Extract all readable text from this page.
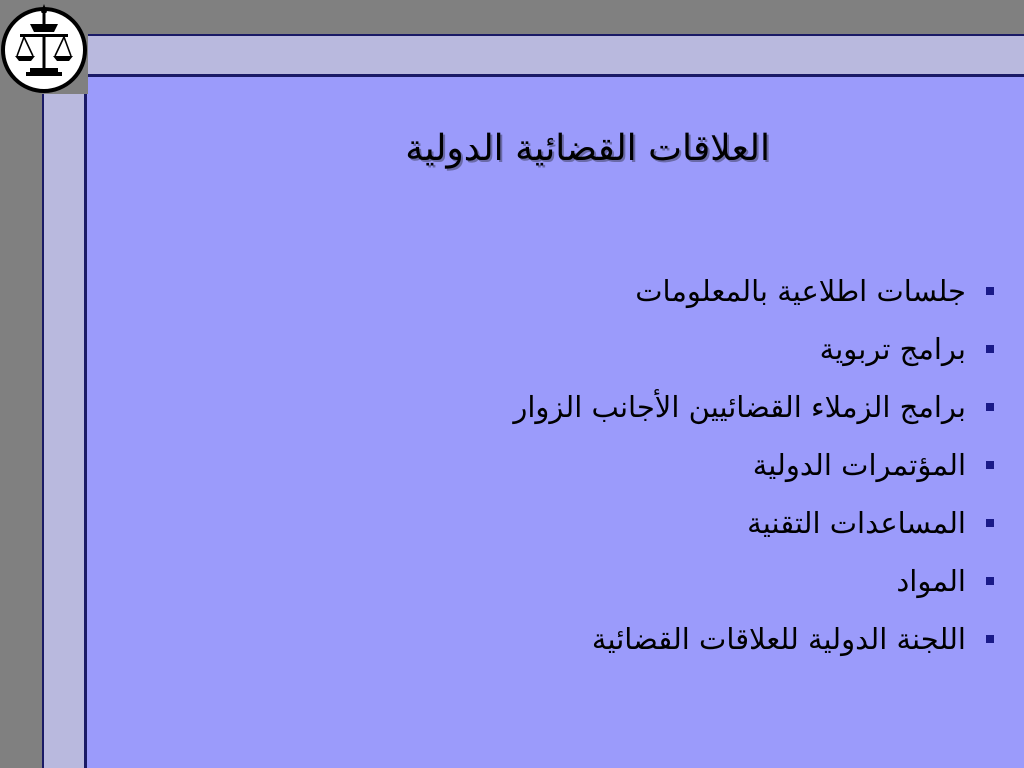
العلاقات القضائية الدولية
جلسات اطلاعية بالمعلومات
برامج تربوية
برامج الزملاء القضائيين الأجانب الزوار
المؤتمرات الدولية
المساعدات التقنية
المواد
اللجنة الدولية للعلاقات القضائية
